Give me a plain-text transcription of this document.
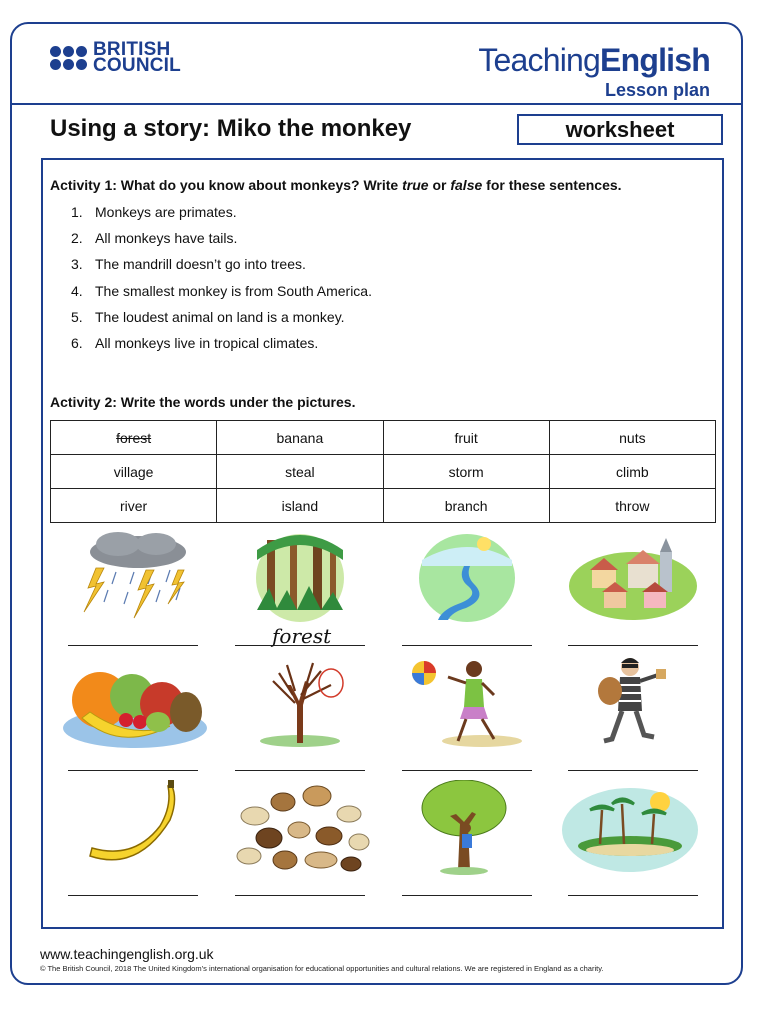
BRITISH
COUNCIL	TeachingEnglish
Lesson plan
Using a story: Miko the monkey	worksheet
Activity 1: What do you know about monkeys? Write true or false for these sentences.
1. Monkeys are primates.
2. All monkeys have tails.
3. The mandrill doesn’t go into trees.
4. The smallest monkey is from South America.
5. The loudest animal on land is a monkey.
6. All monkeys live in tropical climates.
Activity 2: Write the words under the pictures.
forest	banana	fruit	nuts
village	steal	storm	climb
river	island	branch	throw
forest
www.teachingenglish.org.uk
© The British Council, 2018 The United Kingdom’s international organisation for educational opportunities and cultural relations. We are registered in England as a charity.
